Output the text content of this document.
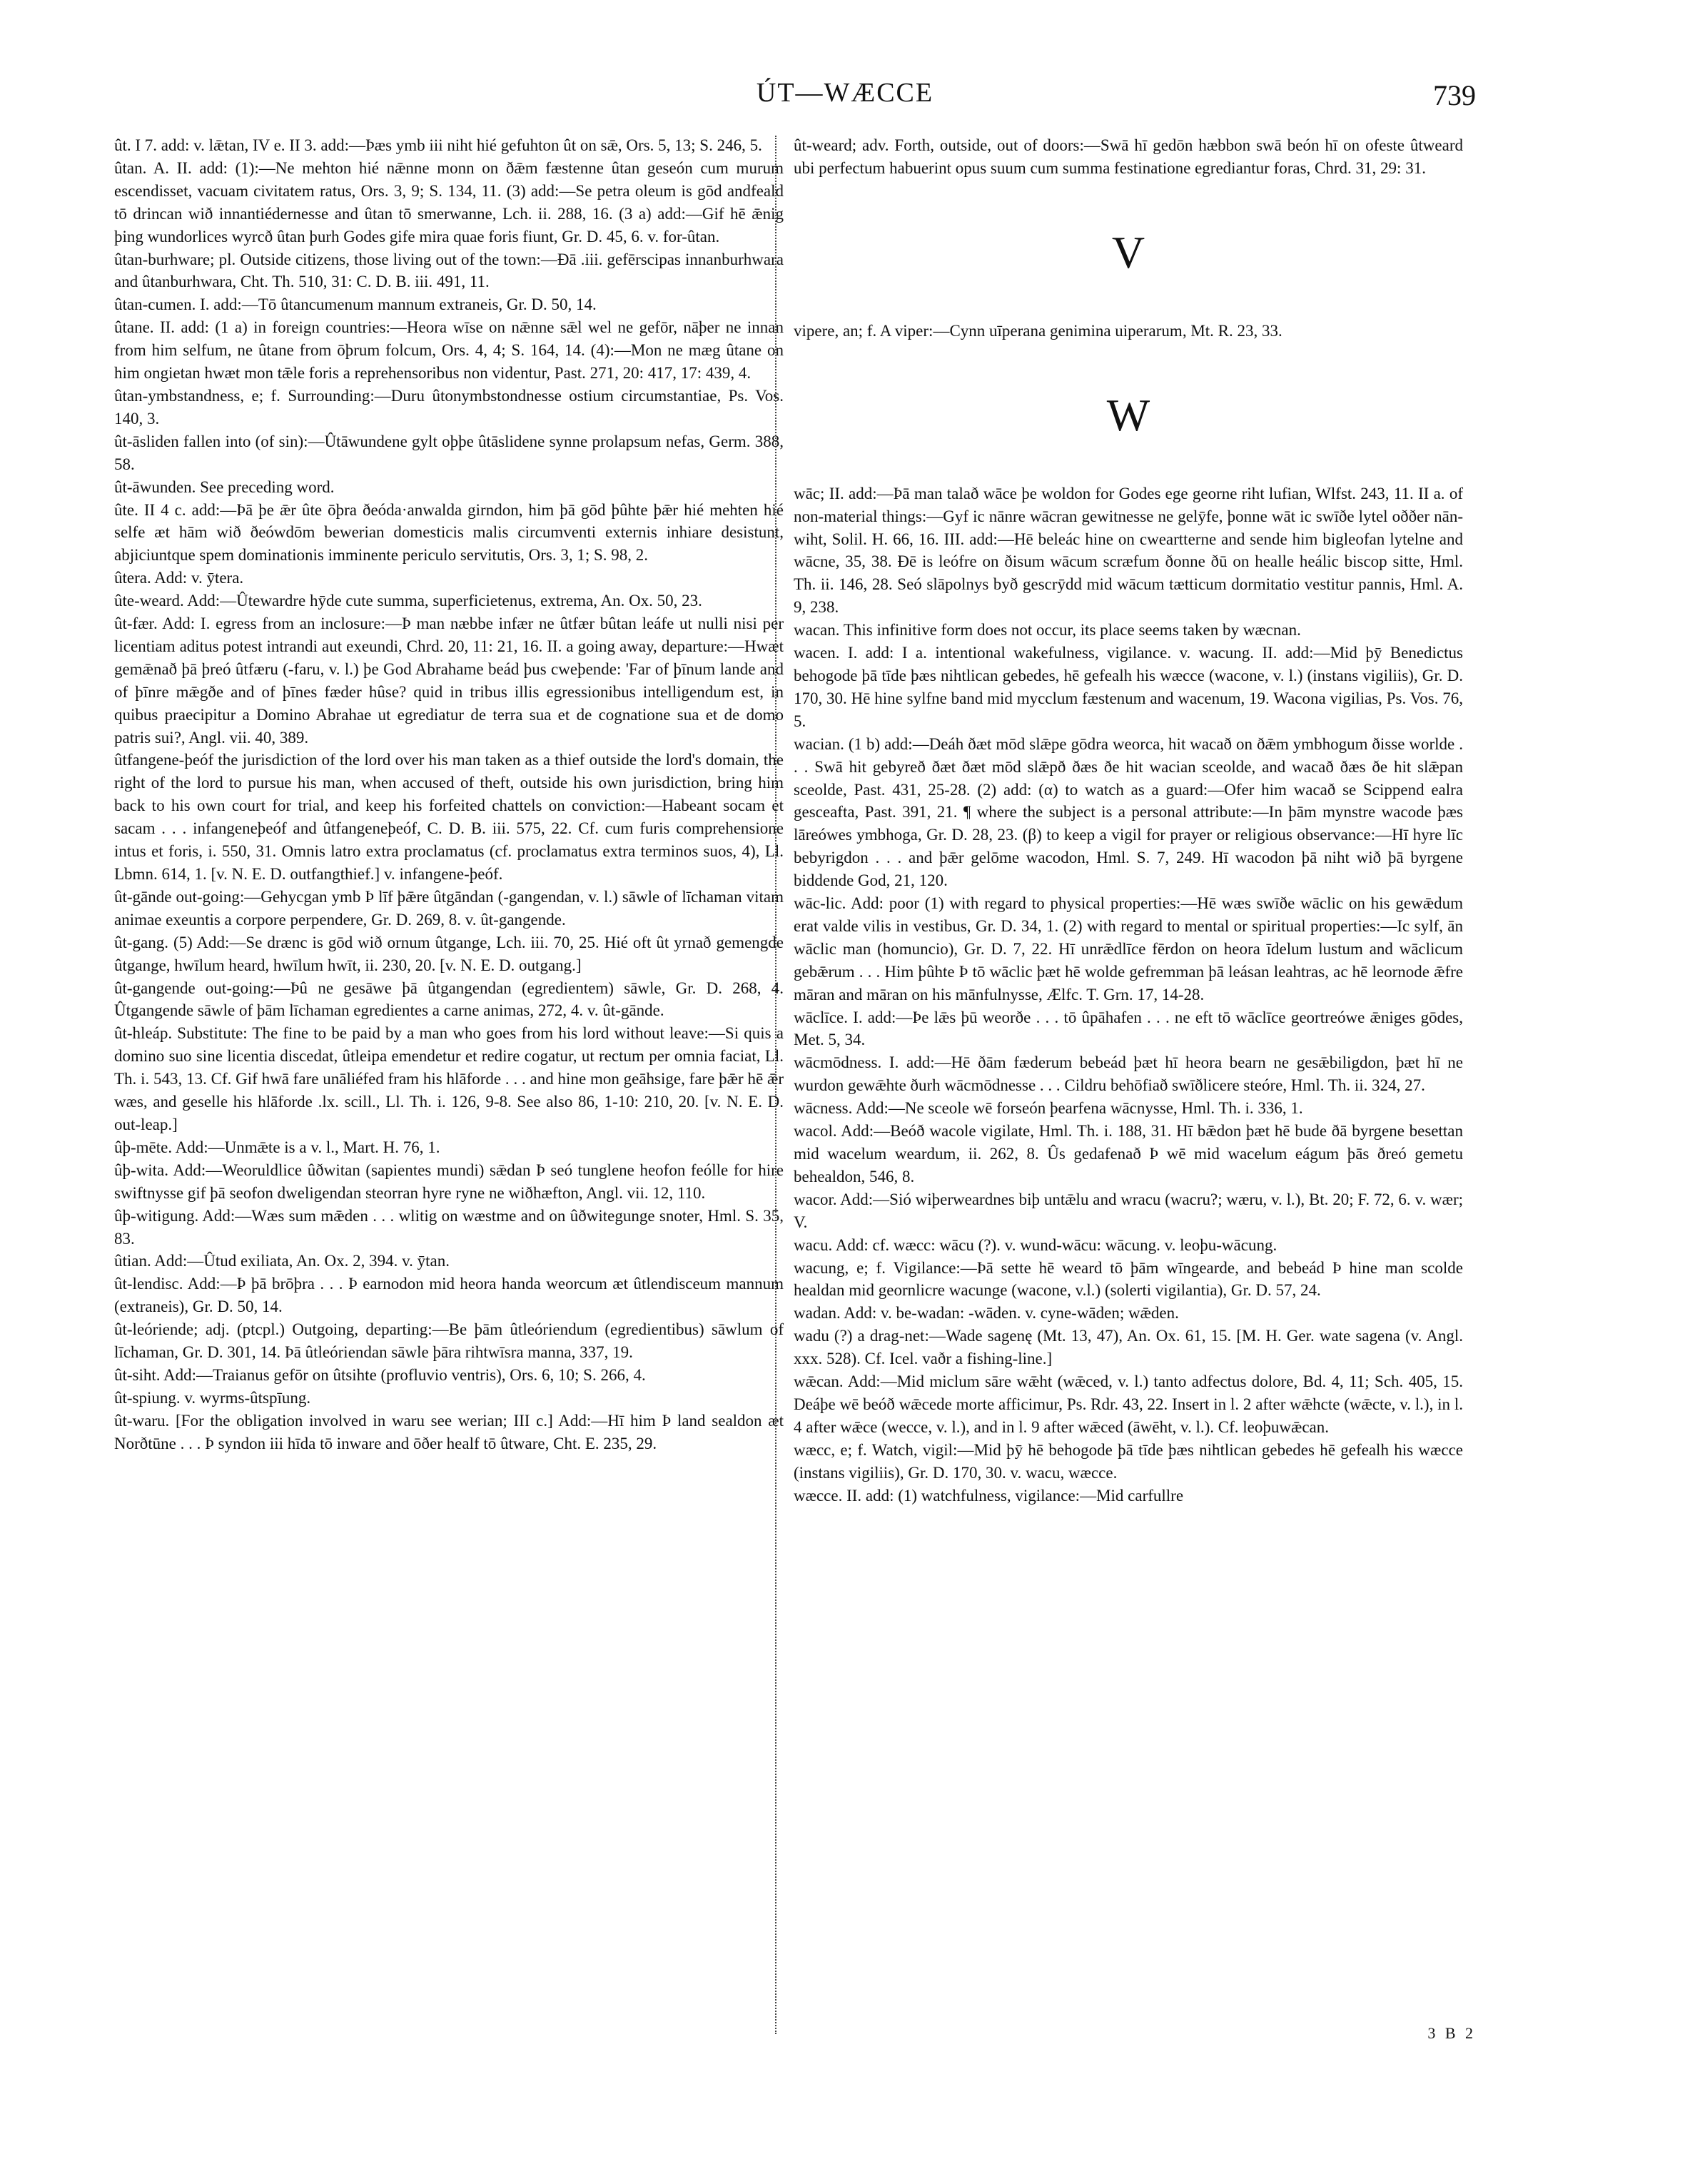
ÚT—WÆCCE	739

ût. I 7. add: v. lǣtan, IV e. II 3. add:—Þæs ymb iii niht hié gefuhton ût on sǣ, Ors. 5, 13; S. 246, 5.

ûtan. A. II. add: (1):—Ne mehton hié nǣnne monn on ðǣm fæstenne ûtan geseón cum murum escendisset, vacuam civitatem ratus, Ors. 3, 9; S. 134, 11. (3) add:—Se petra oleum is gōd andfeald tō drincan wið innantiédernesse and ûtan tō smerwanne, Lch. ii. 288, 16. (3 a) add:—Gif hē ǣnig þing wundorlices wyrcð ûtan þurh Godes gife mira quae foris fiunt, Gr. D. 45, 6. v. for-ûtan.

ûtan-burhware; pl. Outside citizens, those living out of the town:—Ðā .iii. gefērscipas innanburhwara and ûtanburhwara, Cht. Th. 510, 31: C. D. B. iii. 491, 11.

ûtan-cumen. I. add:—Tō ûtancumenum mannum extraneis, Gr. D. 50, 14.

ûtane. II. add: (1 a) in foreign countries:—Heora wīse on nǣnne sǣl wel ne gefōr, nāþer ne innan from him selfum, ne ûtane from ōþrum folcum, Ors. 4, 4; S. 164, 14. (4):—Mon ne mæg ûtane on him ongietan hwæt mon tǣle foris a reprehensoribus non videntur, Past. 271, 20: 417, 17: 439, 4.

ûtan-ymbstandness, e; f. Surrounding:—Duru ûtonymbstondnesse ostium circumstantiae, Ps. Vos. 140, 3.

ût-āsliden fallen into (of sin):—Ûtāwundene gylt oþþe ûtāslidene synne prolapsum nefas, Germ. 388, 58.

ût-āwunden. See preceding word.

ûte. II 4 c. add:—Þā þe ǣr ûte ōþra ðeóda·anwalda girndon, him þā gōd þûhte þǣr hié mehten hié selfe æt hām wið ðeówdōm bewerian domesticis malis circumventi externis inhiare desistunt, abjiciuntque spem dominationis imminente periculo servitutis, Ors. 3, 1; S. 98, 2.

ûtera. Add: v. ȳtera.

ûte-weard. Add:—Ûtewardre hȳde cute summa, superficietenus, extrema, An. Ox. 50, 23.

ût-fær. Add: I. egress from an inclosure:—Þ man næbbe infær ne ûtfær bûtan leáfe ut nulli nisi per licentiam aditus potest intrandi aut exeundi, Chrd. 20, 11: 21, 16. II. a going away, departure:—Hwæt gemǣnað þā þreó ûtfæru (-faru, v. l.) þe God Abrahame beád þus cweþende: 'Far of þīnum lande and of þīnre mǣgðe and of þīnes fæder hûse? quid in tribus illis egressionibus intelligendum est, in quibus praecipitur a Domino Abrahae ut egrediatur de terra sua et de cognatione sua et de domo patris sui?, Angl. vii. 40, 389.

ûtfangene-þeóf the jurisdiction of the lord over his man taken as a thief outside the lord's domain, the right of the lord to pursue his man, when accused of theft, outside his own jurisdiction, bring him back to his own court for trial, and keep his forfeited chattels on conviction:—Habeant socam et sacam . . . infangeneþeóf and ûtfangeneþeóf, C. D. B. iii. 575, 22. Cf. cum furis comprehensione intus et foris, i. 550, 31. Omnis latro extra proclamatus (cf. proclamatus extra terminos suos, 4), Ll. Lbmn. 614, 1. [v. N. E. D. outfangthief.] v. infangene-þeóf.

ût-gānde out-going:—Gehycgan ymb Þ līf þǣre ûtgāndan (-gangendan, v. l.) sāwle of līchaman vitam animae exeuntis a corpore perpendere, Gr. D. 269, 8. v. ût-gangende.

ût-gang. (5) Add:—Se drænc is gōd wið ornum ûtgange, Lch. iii. 70, 25. Hié oft ût yrnað gemengde ûtgange, hwīlum heard, hwīlum hwīt, ii. 230, 20. [v. N. E. D. outgang.]

ût-gangende out-going:—Þû ne gesāwe þā ûtgangendan (egredientem) sāwle, Gr. D. 268, 4. Ûtgangende sāwle of þām līchaman egredientes a carne animas, 272, 4. v. ût-gānde.

ût-hleáp. Substitute: The fine to be paid by a man who goes from his lord without leave:—Si quis a domino suo sine licentia discedat, ûtleipa emendetur et redire cogatur, ut rectum per omnia faciat, Ll. Th. i. 543, 13. Cf. Gif hwā fare unāliéfed fram his hlāforde . . . and hine mon geāhsige, fare þǣr hē ǣr wæs, and geselle his hlāforde .lx. scill., Ll. Th. i. 126, 9-8. See also 86, 1-10: 210, 20. [v. N. E. D. out-leap.]

ûþ-mēte. Add:—Unmǣte is a v. l., Mart. H. 76, 1.

ûþ-wita. Add:—Weoruldlice ûðwitan (sapientes mundi) sǣdan Þ seó tunglene heofon feólle for hire swiftnysse gif þā seofon dweligendan steorran hyre ryne ne wiðhæfton, Angl. vii. 12, 110.

ûþ-witigung. Add:—Wæs sum mǣden . . . wlitig on wæstme and on ûðwitegunge snoter, Hml. S. 35, 83.

ûtian. Add:—Ûtud exiliata, An. Ox. 2, 394. v. ȳtan.

ût-lendisc. Add:—Þ þā brōþra . . . Þ earnodon mid heora handa weorcum æt ûtlendisceum mannum (extraneis), Gr. D. 50, 14.

ût-leóriende; adj. (ptcpl.) Outgoing, departing:—Be þām ûtleóriendum (egredientibus) sāwlum of līchaman, Gr. D. 301, 14. Þā ûtleóriendan sāwle þāra rihtwīsra manna, 337, 19.

ût-siht. Add:—Traianus gefōr on ûtsihte (profluvio ventris), Ors. 6, 10; S. 266, 4.

ût-spiung. v. wyrms-ûtspīung.

ût-waru. [For the obligation involved in waru see werian; III c.] Add:—Hī him Þ land sealdon æt Norðtūne . . . Þ syndon iii hīda tō inware and ōðer healf tō ûtware, Cht. E. 235, 29.

ût-weard; adv. Forth, outside, out of doors:—Swā hī gedōn hæbbon swā beón hī on ofeste ûtweard ubi perfectum habuerint opus suum cum summa festinatione egrediantur foras, Chrd. 31, 29: 31.

V

vipere, an; f. A viper:—Cynn uīperana genimina uiperarum, Mt. R. 23, 33.

W

wāc; II. add:—Þā man talað wāce þe woldon for Godes ege georne riht lufian, Wlfst. 243, 11. II a. of non-material things:—Gyf ic nānre wācran gewitnesse ne gelȳfe, þonne wāt ic swīðe lytel oððer nān-wiht, Solil. H. 66, 16. III. add:—Hē beleác hine on cweartterne and sende him bigleofan lytelne and wācne, 35, 38. Ðē is leófre on ðisum wācum scræfum ðonne ðū on healle heálic biscop sitte, Hml. Th. ii. 146, 28. Seó slāpolnys byð gescrȳdd mid wācum tætticum dormitatio vestitur pannis, Hml. A. 9, 238.

wacan. This infinitive form does not occur, its place seems taken by wæcnan.

wacen. I. add: I a. intentional wakefulness, vigilance. v. wacung. II. add:—Mid þȳ Benedictus behogode þā tīde þæs nihtlican gebedes, hē gefealh his wæcce (wacone, v. l.) (instans vigiliis), Gr. D. 170, 30. Hē hine sylfne band mid mycclum fæstenum and wacenum, 19. Wacona vigilias, Ps. Vos. 76, 5.

wacian. (1 b) add:—Deáh ðæt mōd slǣpe gōdra weorca, hit wacað on ðǣm ymbhogum ðisse worlde . . . Swā hit gebyreð ðæt ðæt mōd slǣpð ðæs ðe hit wacian sceolde, and wacað ðæs ðe hit slǣpan sceolde, Past. 431, 25-28. (2) add: (α) to watch as a guard:—Ofer him wacað se Scippend ealra gesceafta, Past. 391, 21. ¶ where the subject is a personal attribute:—In þām mynstre wacode þæs lāreówes ymbhoga, Gr. D. 28, 23. (β) to keep a vigil for prayer or religious observance:—Hī hyre līc bebyrigdon . . . and þǣr gelōme wacodon, Hml. S. 7, 249. Hī wacodon þā niht wið þā byrgene biddende God, 21, 120.

wāc-lic. Add: poor (1) with regard to physical properties:—Hē wæs swīðe wāclic on his gewǣdum erat valde vilis in vestibus, Gr. D. 34, 1. (2) with regard to mental or spiritual properties:—Ic sylf, ān wāclic man (homuncio), Gr. D. 7, 22. Hī unrǣdlīce fērdon on heora īdelum lustum and wāclicum gebǣrum . . . Him þûhte Þ tō wāclic þæt hē wolde gefremman þā leásan leahtras, ac hē leornode ǣfre māran and māran on his mānfulnysse, Ælfc. T. Grn. 17, 14-28.

wāclīce. I. add:—Þe lǣs þū weorðe . . . tō ûpāhafen . . . ne eft tō wāclīce geortreówe ǣniges gōdes, Met. 5, 34.

wācmōdness. I. add:—Hē ðām fæderum bebeád þæt hī heora bearn ne gesǣbiligdon, þæt hī ne wurdon gewǣhte ðurh wācmōdnesse . . . Cildru behōfiað swīðlicere steóre, Hml. Th. ii. 324, 27.

wācness. Add:—Ne sceole wē forseón þearfena wācnysse, Hml. Th. i. 336, 1.

wacol. Add:—Beóð wacole vigilate, Hml. Th. i. 188, 31. Hī bǣdon þæt hē bude ðā byrgene besettan mid wacelum weardum, ii. 262, 8. Ûs gedafenað Þ wē mid wacelum eágum þās ðreó gemetu behealdon, 546, 8.

wacor. Add:—Sió wiþerweardnes biþ untǣlu and wracu (wacru?; wæru, v. l.), Bt. 20; F. 72, 6. v. wær; V.

wacu. Add: cf. wæcc: wācu (?). v. wund-wācu: wācung. v. leoþu-wācung.

wacung, e; f. Vigilance:—Þā sette hē weard tō þām wīngearde, and bebeád Þ hine man scolde healdan mid geornlicre wacunge (wacone, v.l.) (solerti vigilantia), Gr. D. 57, 24.

wadan. Add: v. be-wadan: -wāden. v. cyne-wāden; wǣden.

wadu (?) a drag-net:—Wade sagenę (Mt. 13, 47), An. Ox. 61, 15. [M. H. Ger. wate sagena (v. Angl. xxx. 528). Cf. Icel. vaðr a fishing-line.]

wǣcan. Add:—Mid miclum sāre wǣht (wǣced, v. l.) tanto adfectus dolore, Bd. 4, 11; Sch. 405, 15. Deáþe wē beóð wǣcede morte afficimur, Ps. Rdr. 43, 22. Insert in l. 2 after wǣhcte (wǣcte, v. l.), in l. 4 after wǣce (wecce, v. l.), and in l. 9 after wǣced (āwēht, v. l.). Cf. leoþuwǣcan.

wæcc, e; f. Watch, vigil:—Mid þȳ hē behogode þā tīde þæs nihtlican gebedes hē gefealh his wæcce (instans vigiliis), Gr. D. 170, 30. v. wacu, wæcce.

wæcce. II. add: (1) watchfulness, vigilance:—Mid carfullre

3 B 2
